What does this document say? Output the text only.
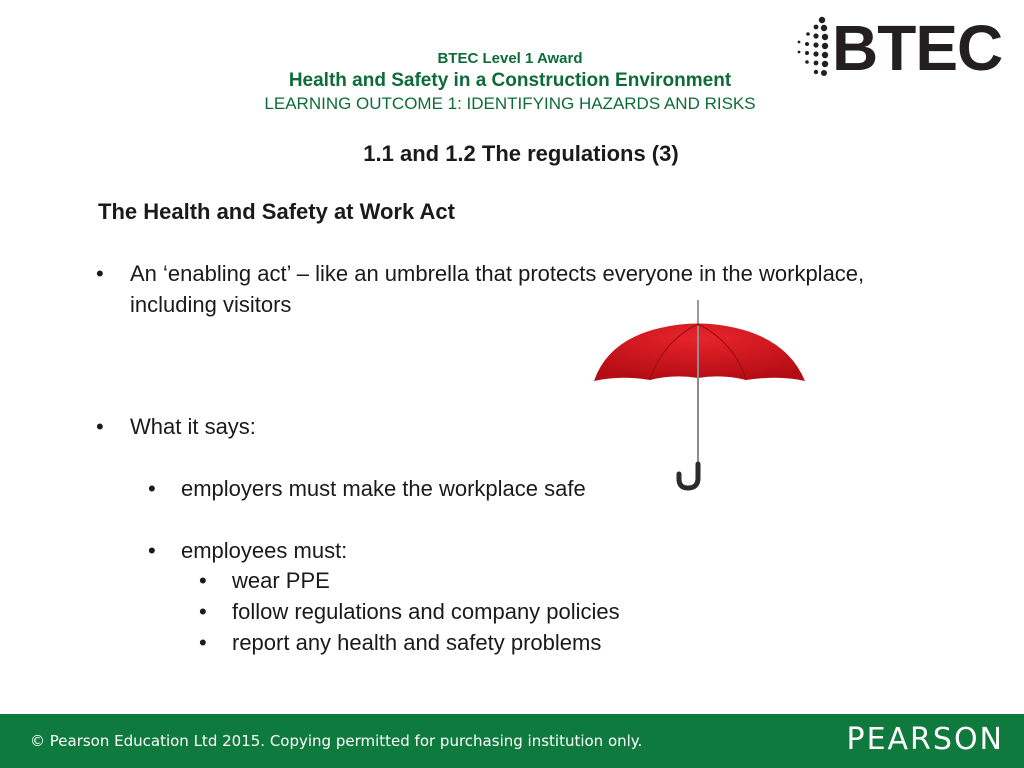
BTEC Level 1 Award
Health and Safety in a Construction Environment
LEARNING OUTCOME 1: IDENTIFYING HAZARDS AND RISKS
BTEC
1.1 and 1.2 The regulations (3)
The Health and Safety at Work Act
• An ‘enabling act’ – like an umbrella that protects everyone in the workplace, including visitors
• What it says:
• employers must make the workplace safe
• employees must:
• wear PPE
• follow regulations and company policies
• report any health and safety problems
© Pearson Education Ltd 2015. Copying permitted for purchasing institution only.	PEARSON
